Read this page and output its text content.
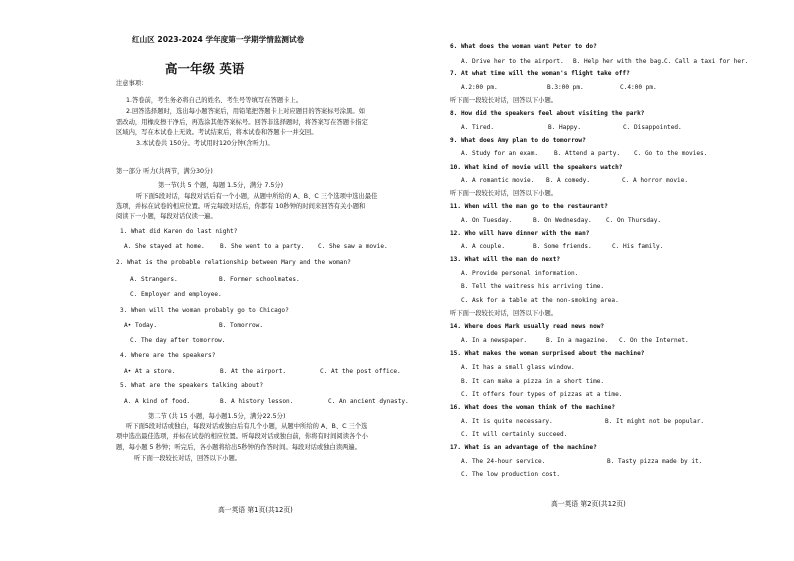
红山区 2023-2024 学年度第一学期学情监测试卷
高一年级 英语
注意事项：
1.答卷前，考生务必将自己的姓名、考生号等填写在答题卡上。
2.回答选择题时，选出每小题答案后，用铅笔把答题卡上对应题目的答案标号涂黑。如
需改动，用橡皮擦干净后，再选涂其他答案标号。回答非选择题时，将答案写在答题卡指定
区域内，写在本试卷上无效。考试结束后，将本试卷和答题卡一并交回。
3.本试卷共 150分。考试用时120分钟(含听力)。
第一部分 听力(共两节，满分30分)
第一节(共 5 个题，每题 1.5分，满分 7.5分)
听下面5段对话，每段对话后有一个小题，从题中所给的 A、B、C 三个选项中选出最佳
选项，并标在试卷的相应位置。听完每段对话后，你都有 10秒钟的时间来回答有关小题和
阅读下一小题，每段对话仅读一遍。
1. What did Karen do last night?
A. She stayed at home.	B. She went to a party. C. She saw a movie.
2. What is the probable relationship between Mary and the woman?
A. Strangers.	B. Former schoolmates.
C. Employer and employee.
3. When will the woman probably go to Chicago?
A• Today.	B. Tomorrow.
C. The day after tomorrow.
4. Where are the speakers?
A• At a store.	B. At the airport.	C. At the post office.
5. What are the speakers talking about?
A. A kind of food.	B. A history lesson.	C. An ancient dynasty.
第二节 (共 15 小题，每小题1.5分，满分22.5分)
听下面5段对话或独白，每段对话或独白后有几个小题，从题中所给的 A、B、C 三个选
项中选出最佳选项，并标在试卷的相应位置。听每段对话或独白前，你将有时间阅读各个小
题，每小题 5 秒钟；听完后，各小题将给出5秒钟的作答时间。每段对话或独白读两遍。
听下面一段较长对话，回答以下小题。
高一英语 第1页(共12页)
6. What does the woman want Peter to do?
A. Drive her to the airport. B. Help her with the bag. C. Call a taxi for her.
7. At what time will the woman's flight take off?
A.2:00 pm.	B.3:00 pm.	C.4:00 pm.
听下面一段较长对话，回答以下小题。
8. How did the speakers feel about visiting the park?
A. Tired.	B. Happy.	C. Disappointed.
9. What does Amy plan to do tomorrow?
A. Study for an exam.	B. Attend a party. C. Go to the movies.
10. What kind of movie will the speakers watch?
A. A romantic movie. B. A comedy.	C. A horror movie.
听下面一段较长对话，回答以下小题。
11. When will the man go to the restaurant?
A. On Tuesday.	B. On Wednesday. C. On Thursday.
12. Who will have dinner with the man?
A. A couple.	B. Some friends.	C. His family.
13. What will the man do next?
A. Provide personal information.
B. Tell the waitress his arriving time.
C. Ask for a table at the non-smoking area.
听下面一段较长对话，回答以下小题。
14. Where does Mark usually read news now?
A. In a newspaper.	B. In a magazine. C. On the Internet.
15. What makes the woman surprised about the machine?
A. It has a small glass window.
B. It can make a pizza in a short time.
C. It offers four types of pizzas at a time.
16. What does the woman think of the machine?
A. It is quite necessary.	B. It might not be popular.
C. It will certainly succeed.
17. What is an advantage of the machine?
A. The 24-hour service.	B. Tasty pizza made by it.
C. The low production cost.
高一英语 第2页(共12页)
